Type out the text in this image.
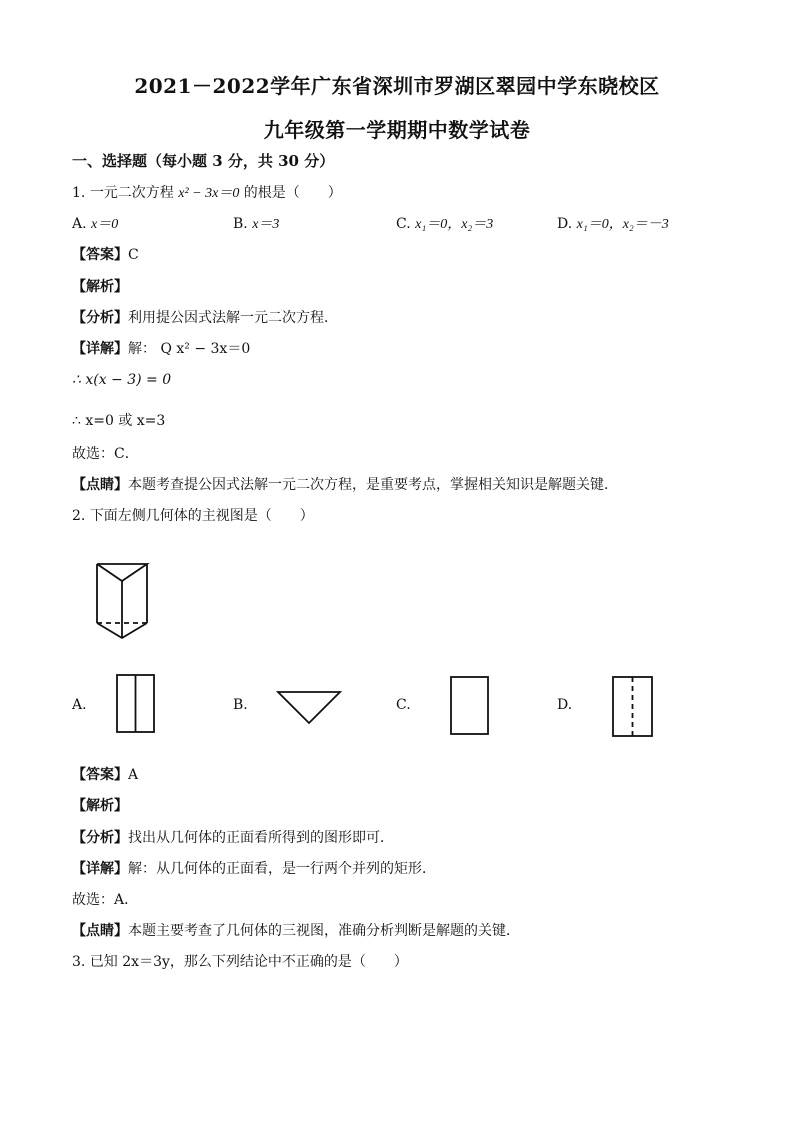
2021－2022学年广东省深圳市罗湖区翠园中学东晓校区
九年级第一学期期中数学试卷
一、选择题（每小题 3 分，共 30 分）
1. 一元二次方程 x² − 3x＝0 的根是（　　）
A. x＝0	B. x＝3	C. x₁＝0，x₂＝3	D. x₁＝0，x₂＝－3
【答案】C
【解析】
【分析】利用提公因式法解一元二次方程．
【详解】解： Q x² − 3x＝0
∴ x(x − 3) = 0
∴ x=0 或 x=3
故选：C．
【点睛】本题考查提公因式法解一元二次方程，是重要考点，掌握相关知识是解题关键．
2. 下面左侧几何体的主视图是（　　）
A.	B.	C.	D.
【答案】A
【解析】
【分析】找出从几何体的正面看所得到的图形即可．
【详解】解：从几何体的正面看，是一行两个并列的矩形．
故选：A．
【点睛】本题主要考查了几何体的三视图，准确分析判断是解题的关键．
3. 已知 2x＝3y，那么下列结论中不正确的是（　　）
